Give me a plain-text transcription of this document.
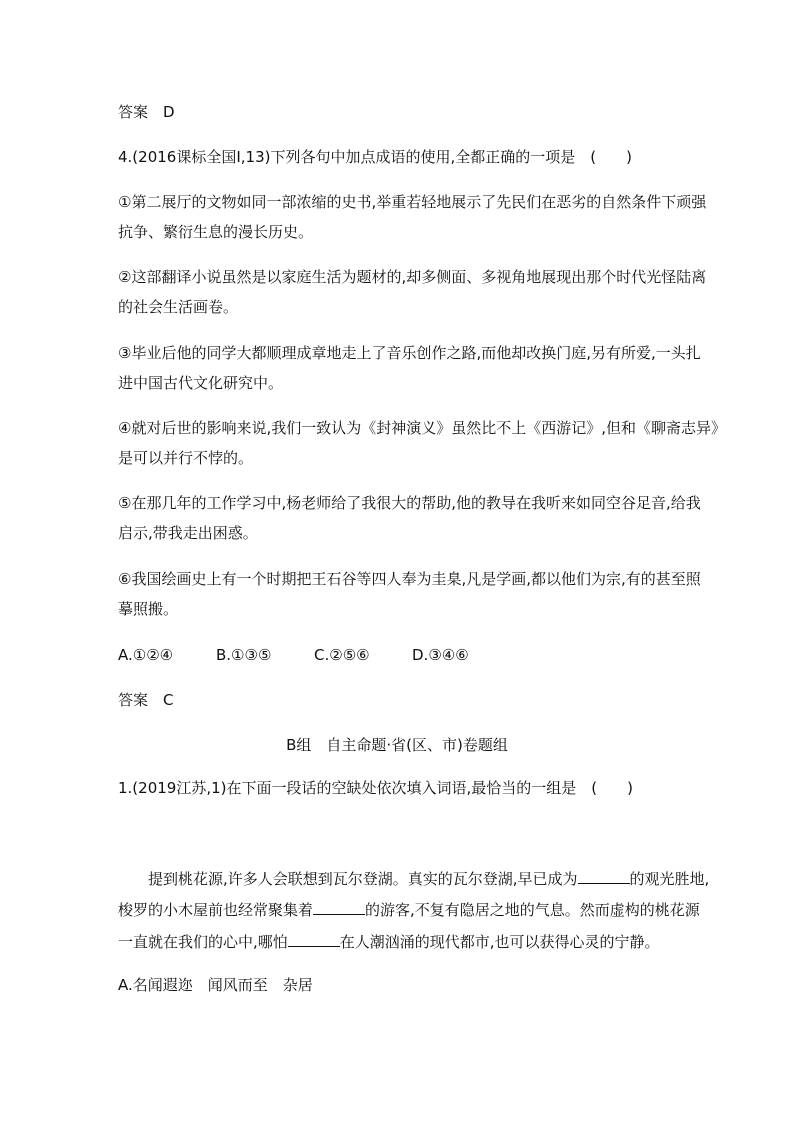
答案　D
4.(2016课标全国Ⅰ,13)下列各句中加点成语的使用,全都正确的一项是　(　　)
①第二展厅的文物如同一部浓缩的史书,举重若轻地展示了先民们在恶劣的自然条件下顽强
抗争、繁衍生息的漫长历史。
②这部翻译小说虽然是以家庭生活为题材的,却多侧面、多视角地展现出那个时代光怪陆离
的社会生活画卷。
③毕业后他的同学大都顺理成章地走上了音乐创作之路,而他却改换门庭,另有所爱,一头扎
进中国古代文化研究中。
④就对后世的影响来说,我们一致认为《封神演义》虽然比不上《西游记》,但和《聊斋志异》
是可以并行不悖的。
⑤在那几年的工作学习中,杨老师给了我很大的帮助,他的教导在我听来如同空谷足音,给我
启示,带我走出困惑。
⑥我国绘画史上有一个时期把王石谷等四人奉为圭臬,凡是学画,都以他们为宗,有的甚至照
摹照搬。
A.①②④	B.①③⑤	C.②⑤⑥	D.③④⑥
答案　C
B组　自主命题·省(区、市)卷题组
1.(2019江苏,1)在下面一段话的空缺处依次填入词语,最恰当的一组是　(　　)
提到桃花源,许多人会联想到瓦尔登湖。真实的瓦尔登湖,早已成为	的观光胜地,
梭罗的小木屋前也经常聚集着	的游客,不复有隐居之地的气息。然而虚构的桃花源
一直就在我们的心中,哪怕	在人潮汹涌的现代都市,也可以获得心灵的宁静。
A.名闻遐迩　闻风而至　杂居
